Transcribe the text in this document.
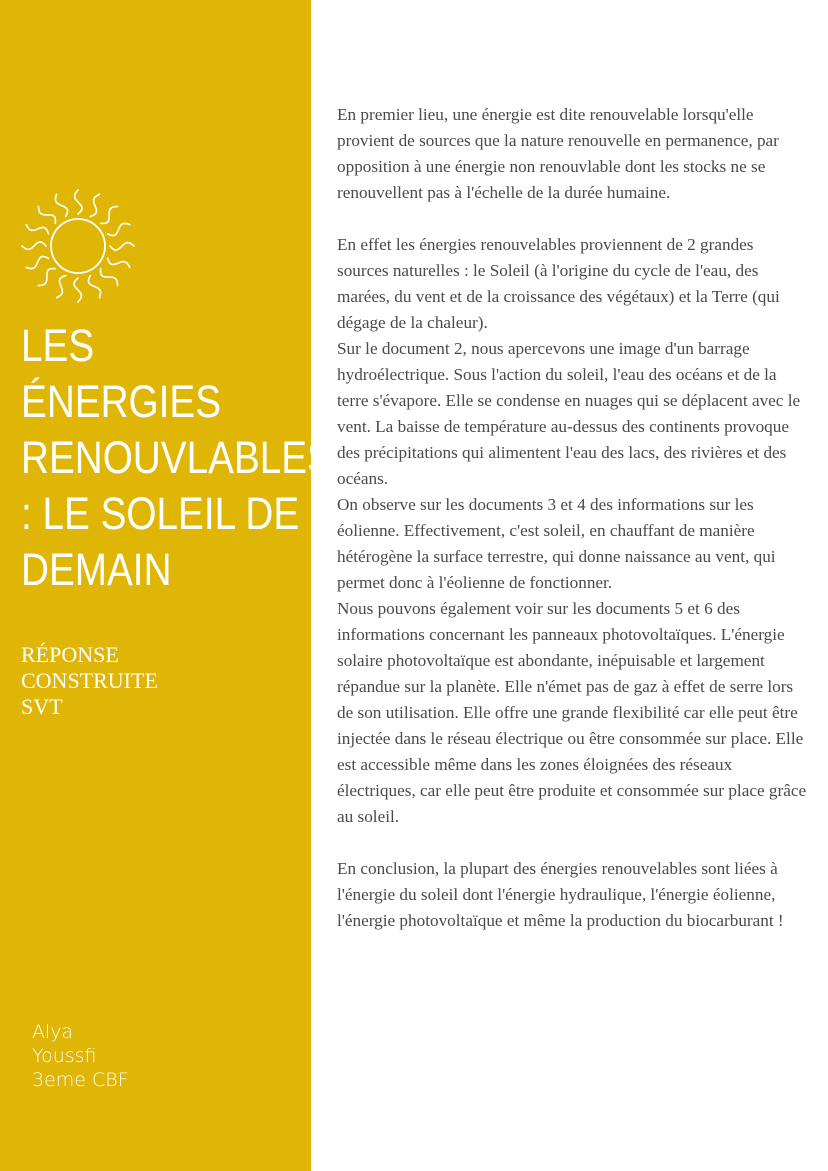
LES ÉNERGIES RENOUVLABLES : LE SOLEIL DE DEMAIN
RÉPONSE
CONSTRUITE
SVT
Alya
Youssfi
3eme CBF

En premier lieu, une énergie est dite renouvelable lorsqu'elle provient de sources que la nature renouvelle en permanence, par opposition à une énergie non renouvlable dont les stocks ne se renouvellent pas à l'échelle de la durée humaine.

En effet les énergies renouvelables proviennent de 2 grandes sources naturelles : le Soleil (à l'origine du cycle de l'eau, des marées, du vent et de la croissance des végétaux) et la Terre (qui dégage de la chaleur).

Sur le document 2, nous apercevons une image d'un barrage hydroélectrique. Sous l'action du soleil, l'eau des océans et de la terre s'évapore. Elle se condense en nuages qui se déplacent avec le vent. La baisse de température au-dessus des continents provoque des précipitations qui alimentent l'eau des lacs, des rivières et des océans.

On observe sur les documents 3 et 4 des informations sur les éolienne. Effectivement, c'est soleil, en chauffant de manière hétérogène la surface terrestre, qui donne naissance au vent, qui permet donc à l'éolienne de fonctionner.

Nous pouvons également voir sur les documents 5 et 6 des informations concernant les panneaux photovoltaïques. L'énergie solaire photovoltaïque est abondante, inépuisable et largement répandue sur la planète. Elle n'émet pas de gaz à effet de serre lors de son utilisation. Elle offre une grande flexibilité car elle peut être injectée dans le réseau électrique ou être consommée sur place. Elle est accessible même dans les zones éloignées des réseaux électriques, car elle peut être produite et consommée sur place grâce au soleil.

En conclusion, la plupart des énergies renouvelables sont liées à l'énergie du soleil dont l'énergie hydraulique, l'énergie éolienne, l'énergie photovoltaïque et même la production du biocarburant !
